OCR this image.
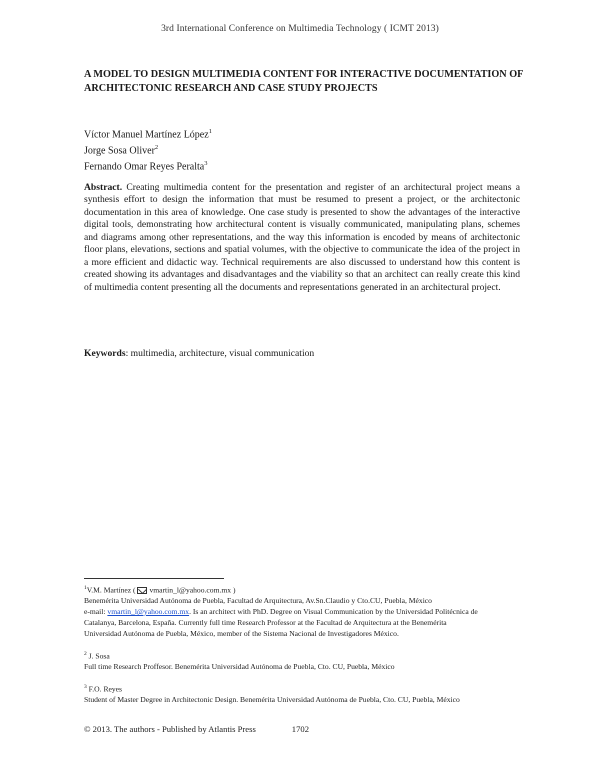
3rd International Conference on Multimedia Technology ( ICMT 2013)
A MODEL TO DESIGN MULTIMEDIA CONTENT FOR INTERACTIVE DOCUMENTATION OF ARCHITECTONIC RESEARCH AND CASE STUDY PROJECTS
Víctor Manuel Martínez López$^1$
Jorge Sosa Oliver$^2$
Fernando Omar Reyes Peralta$^3$
Abstract. Creating multimedia content for the presentation and register of an architectural project means a synthesis effort to design the information that must be resumed to present a project, or the architectonic documentation in this area of knowledge. One case study is presented to show the advantages of the interactive digital tools, demonstrating how architectural content is visually communicated, manipulating plans, schemes and diagrams among other representations, and the way this information is encoded by means of architectonic floor plans, elevations, sections and spatial volumes, with the objective to communicate the idea of the project in a more efficient and didactic way. Technical requirements are also discussed to understand how this content is created showing its advantages and disadvantages and the viability so that an architect can really create this kind of multimedia content presenting all the documents and representations generated in an architectural project.
Keywords: multimedia, architecture, visual communication
$^1$V.M. Martínez ( vmartin_l@yahoo.com.mx )
Benemérita Universidad Autónoma de Puebla, Facultad de Arquitectura, Av.Sn.Claudio y Cto.CU, Puebla, México
e-mail: vmartin_l@yahoo.com.mx. Is an architect with PhD. Degree on Visual Communication by the Universidad Politécnica de
Catalanya, Barcelona, España. Currently full time Research Professor at the Facultad de Arquitectura at the Benemérita
Universidad Autónoma de Puebla, México, member of the Sistema Nacional de Investigadores México.
$^2$ J. Sosa
Full time Research Proffesor. Benemérita Universidad Autónoma de Puebla, Cto. CU, Puebla, México
$^3$ F.O. Reyes
Student of Master Degree in Architectonic Design. Benemérita Universidad Autónoma de Puebla, Cto. CU, Puebla, México
© 2013. The authors - Published by Atlantis Press	1702
